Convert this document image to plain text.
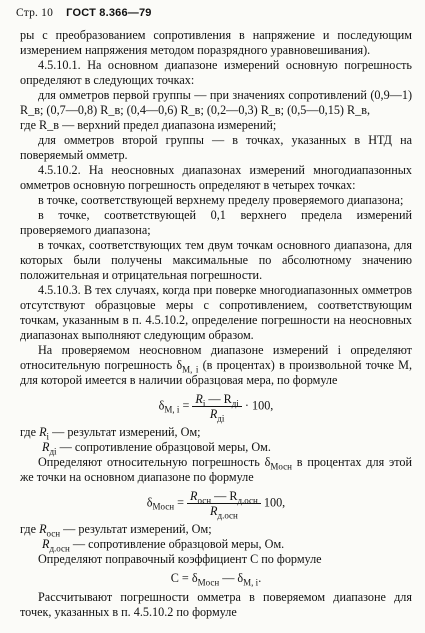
Стр. 10 ГОСТ 8.366—79

ры с преобразованием сопротивления в напряжение и последующим измерением напряжения методом поразрядного уравновешивания).

4.5.10.1. На основном диапазоне измерений основную погрешность определяют в следующих точках:

для омметров первой группы — при значениях сопротивлений (0,9—1) R_в; (0,7—0,8) R_в; (0,4—0,6) R_в; (0,2—0,3) R_в; (0,5—0,15) R_в,

где R_в — верхний предел диапазона измерений;

для омметров второй группы — в точках, указанных в НТД на поверяемый омметр.

4.5.10.2. На неосновных диапазонах измерений многодиапазонных омметров основную погрешность определяют в четырех точках:

в точке, соответствующей верхнему пределу проверяемого диапазона;

в точке, соответствующей 0,1 верхнего предела измерений проверяемого диапазона;

в точках, соответствующих тем двум точкам основного диапазона, для которых были получены максимальные по абсолютному значению положительная и отрицательная погрешности.

4.5.10.3. В тех случаях, когда при поверке многодиапазонных омметров отсутствуют образцовые меры с сопротивлением, соответствующим точкам, указанным в п. 4.5.10.2, определение погрешности на неосновных диапазонах выполняют следующим образом.

На проверяемом неосновном диапазоне измерений i определяют относительную погрешность $\delta_{M, i}$ (в процентах) в произвольной точке M, для которой имеется в наличии образцовая мера, по формуле

$\delta_{M, i} = \frac{R_i — R_{дi}}{R_{дi}} \cdot 100$,

где $R_i$ — результат измерений, Ом;

$R_{дi}$ — сопротивление образцовой меры, Ом.

Определяют относительную погрешность $\delta_{Mосн}$ в процентах для этой же точки на основном диапазоне по формуле

$\delta_{Mосн} = \frac{R_{осн} — R_{д.осн}}{R_{д.осн}} 100$,

где $R_{осн}$ — результат измерений, Ом;

$R_{д.осн}$ — сопротивление образцовой меры, Ом.

Определяют поправочный коэффициент C по формуле

$C = \delta_{Mосн}$ — $\delta_{M, i}$.

Рассчитывают погрешности омметра в поверяемом диапазоне для точек, указанных в п. 4.5.10.2 по формуле
